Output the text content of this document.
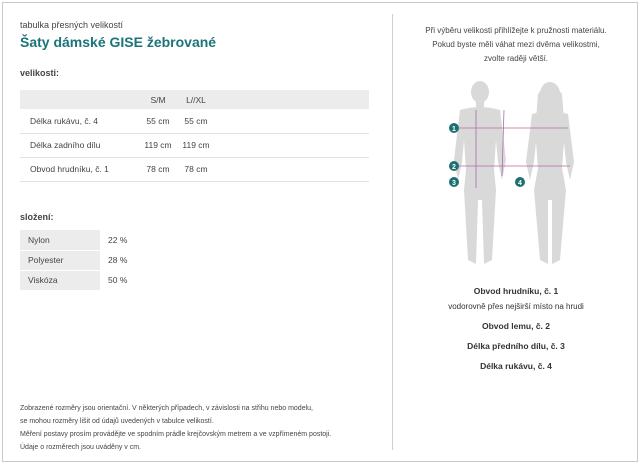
tabulka přesných velikostí
Šaty dámské GISE žebrované
velikosti:
	S/M	L//XL	
Délka rukávu, č. 4	55 cm	55 cm	
Délka zadního dílu	119 cm	119 cm	
Obvod hrudníku, č. 1	78 cm	78 cm	
složení:
Nylon	22 %
Polyester	28 %
Viskóza	50 %
Zobrazené rozměry jsou orientační. V některých případech, v závislosti na střihu nebo modelu,
se mohou rozměry lišit od údajů uvedených v tabulce velikostí.
Měření postavy prosím provádějte ve spodním prádle krejčovským metrem a ve vzpřímeném postoji.
Údaje o rozměrech jsou uváděny v cm.
Při výběru velikosti přihlížejte k pružnosti materiálu.
Pokud byste měli váhat mezi dvěma velikostmi,
zvolte raději větší.
1
2
3	4
Obvod hrudníku, č. 1
vodorovně přes nejširší místo na hrudi
Obvod lemu, č. 2
Délka předního dílu, č. 3
Délka rukávu, č. 4
